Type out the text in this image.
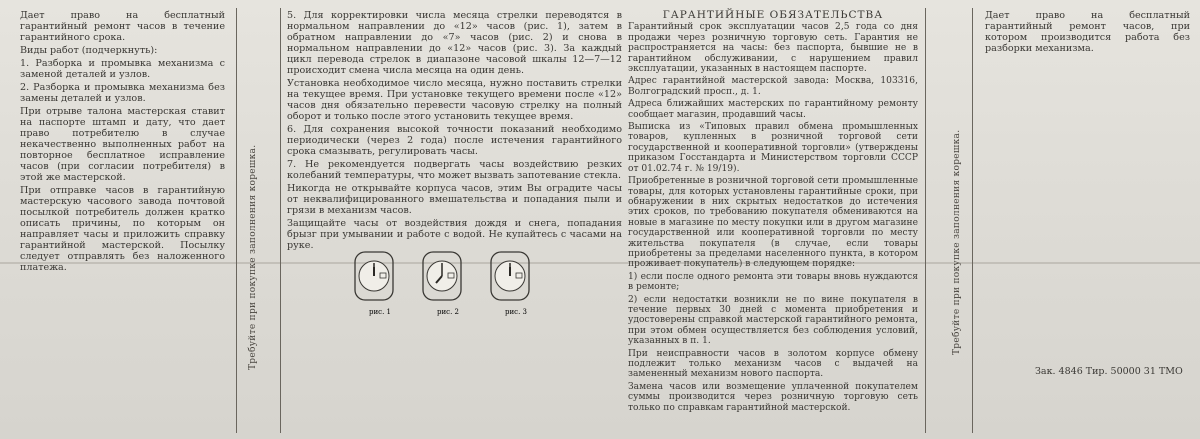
Дает право на бесплатный гарантийный ремонт часов в течение гарантийного срока.

Виды работ (подчеркнуть):

1. Разборка и промывка механизма с заменой деталей и узлов.

2. Разборка и промывка механизма без замены деталей и узлов.

При отрыве талона мастерская ставит на паспорте штамп и дату, что дает право потребителю в случае некачественно выполненных работ на повторное бесплатное исправление часов (при согласии потребителя) в этой же мастерской.

При отправке часов в гарантийную мастерскую часового завода почтовой посылкой потребитель должен кратко описать причины, по которым он направляет часы и приложить справку гарантийной мастерской. Посылку следует отправлять без наложенного платежа.	Требуйте при покупке заполнения корешка.

5. Для корректировки числа месяца стрелки переводятся в нормальном направлении до «12» часов (рис. 1), затем в обратном направлении до «7» часов (рис. 2) и снова в нормальном направлении до «12» часов (рис. 3). За каждый цикл перевода стрелок в диапазоне часовой шкалы 12—7—12 происходит смена числа месяца на один день.

Установка необходимое число месяца, нужно поставить стрелки на текущее время. При установке текущего времени после «12» часов дня обязательно перевести часовую стрелку на полный оборот и только после этого установить текущее время.

6. Для сохранения высокой точности показаний необходимо периодически (через 2 года) после истечения гарантийного срока смазывать, регулировать часы.

7. Не рекомендуется подвергать часы воздействию резких колебаний температуры, что может вызвать запотевание стекла.

Никогда не открывайте корпуса часов, этим Вы оградите часы от неквалифицированного вмешательства и попадания пыли и грязи в механизм часов.

Защищайте часы от воздействия дождя и снега, попадания брызг при умывании и работе с водой. Не купайтесь с часами на руке.

рис. 1	рис. 2	рис. 3
ГАРАНТИЙНЫЕ ОБЯЗАТЕЛЬСТВА

Гарантийный срок эксплуатации часов 2,5 года со дня продажи через розничную торговую сеть. Гарантия не распространяется на часы: без паспорта, бывшие не в гарантийном обслуживании, с нарушением правил эксплуатации, указанных в настоящем паспорте.

Адрес гарантийной мастерской завода: Москва, 103316, Волгоградский просп., д. 1.

Адреса ближайших мастерских по гарантийному ремонту сообщает магазин, продавший часы.

Выписка из «Типовых правил обмена промышленных товаров, купленных в розничной торговой сети государственной и кооперативной торговли» (утверждены приказом Госстандарта и Министерством торговли СССР от 01.02.74 г. № 19/19).

Приобретенные в розничной торговой сети промышленные товары, для которых установлены гарантийные сроки, при обнаружении в них скрытых недостатков до истечения этих сроков, по требованию покупателя обмениваются на новые в магазине по месту покупки или в другом магазине государственной или кооперативной торговли по месту жительства покупателя (в случае, если товары приобретены за пределами населенного пункта, в котором проживает покупатель) в следующем порядке:

1) если после одного ремонта эти товары вновь нуждаются в ремонте;

2) если недостатки возникли не по вине покупателя в течение первых 30 дней с момента приобретения и удостоверены справкой мастерской гарантийного ремонта, при этом обмен осуществляется без соблюдения условий, указанных в п. 1.

При неисправности часов в золотом корпусе обмену подлежит только механизм часов с выдачей на замененный механизм нового паспорта.

Замена часов или возмещение уплаченной покупателем суммы производится через розничную торговую сеть только по справкам гарантийной мастерской.

Требуйте при покупке заполнения корешка.

Дает право на бесплатный гарантийный ремонт часов, при котором производится работа без разборки механизма.

Зак. 4846 Тир. 50000 31 ТМО
